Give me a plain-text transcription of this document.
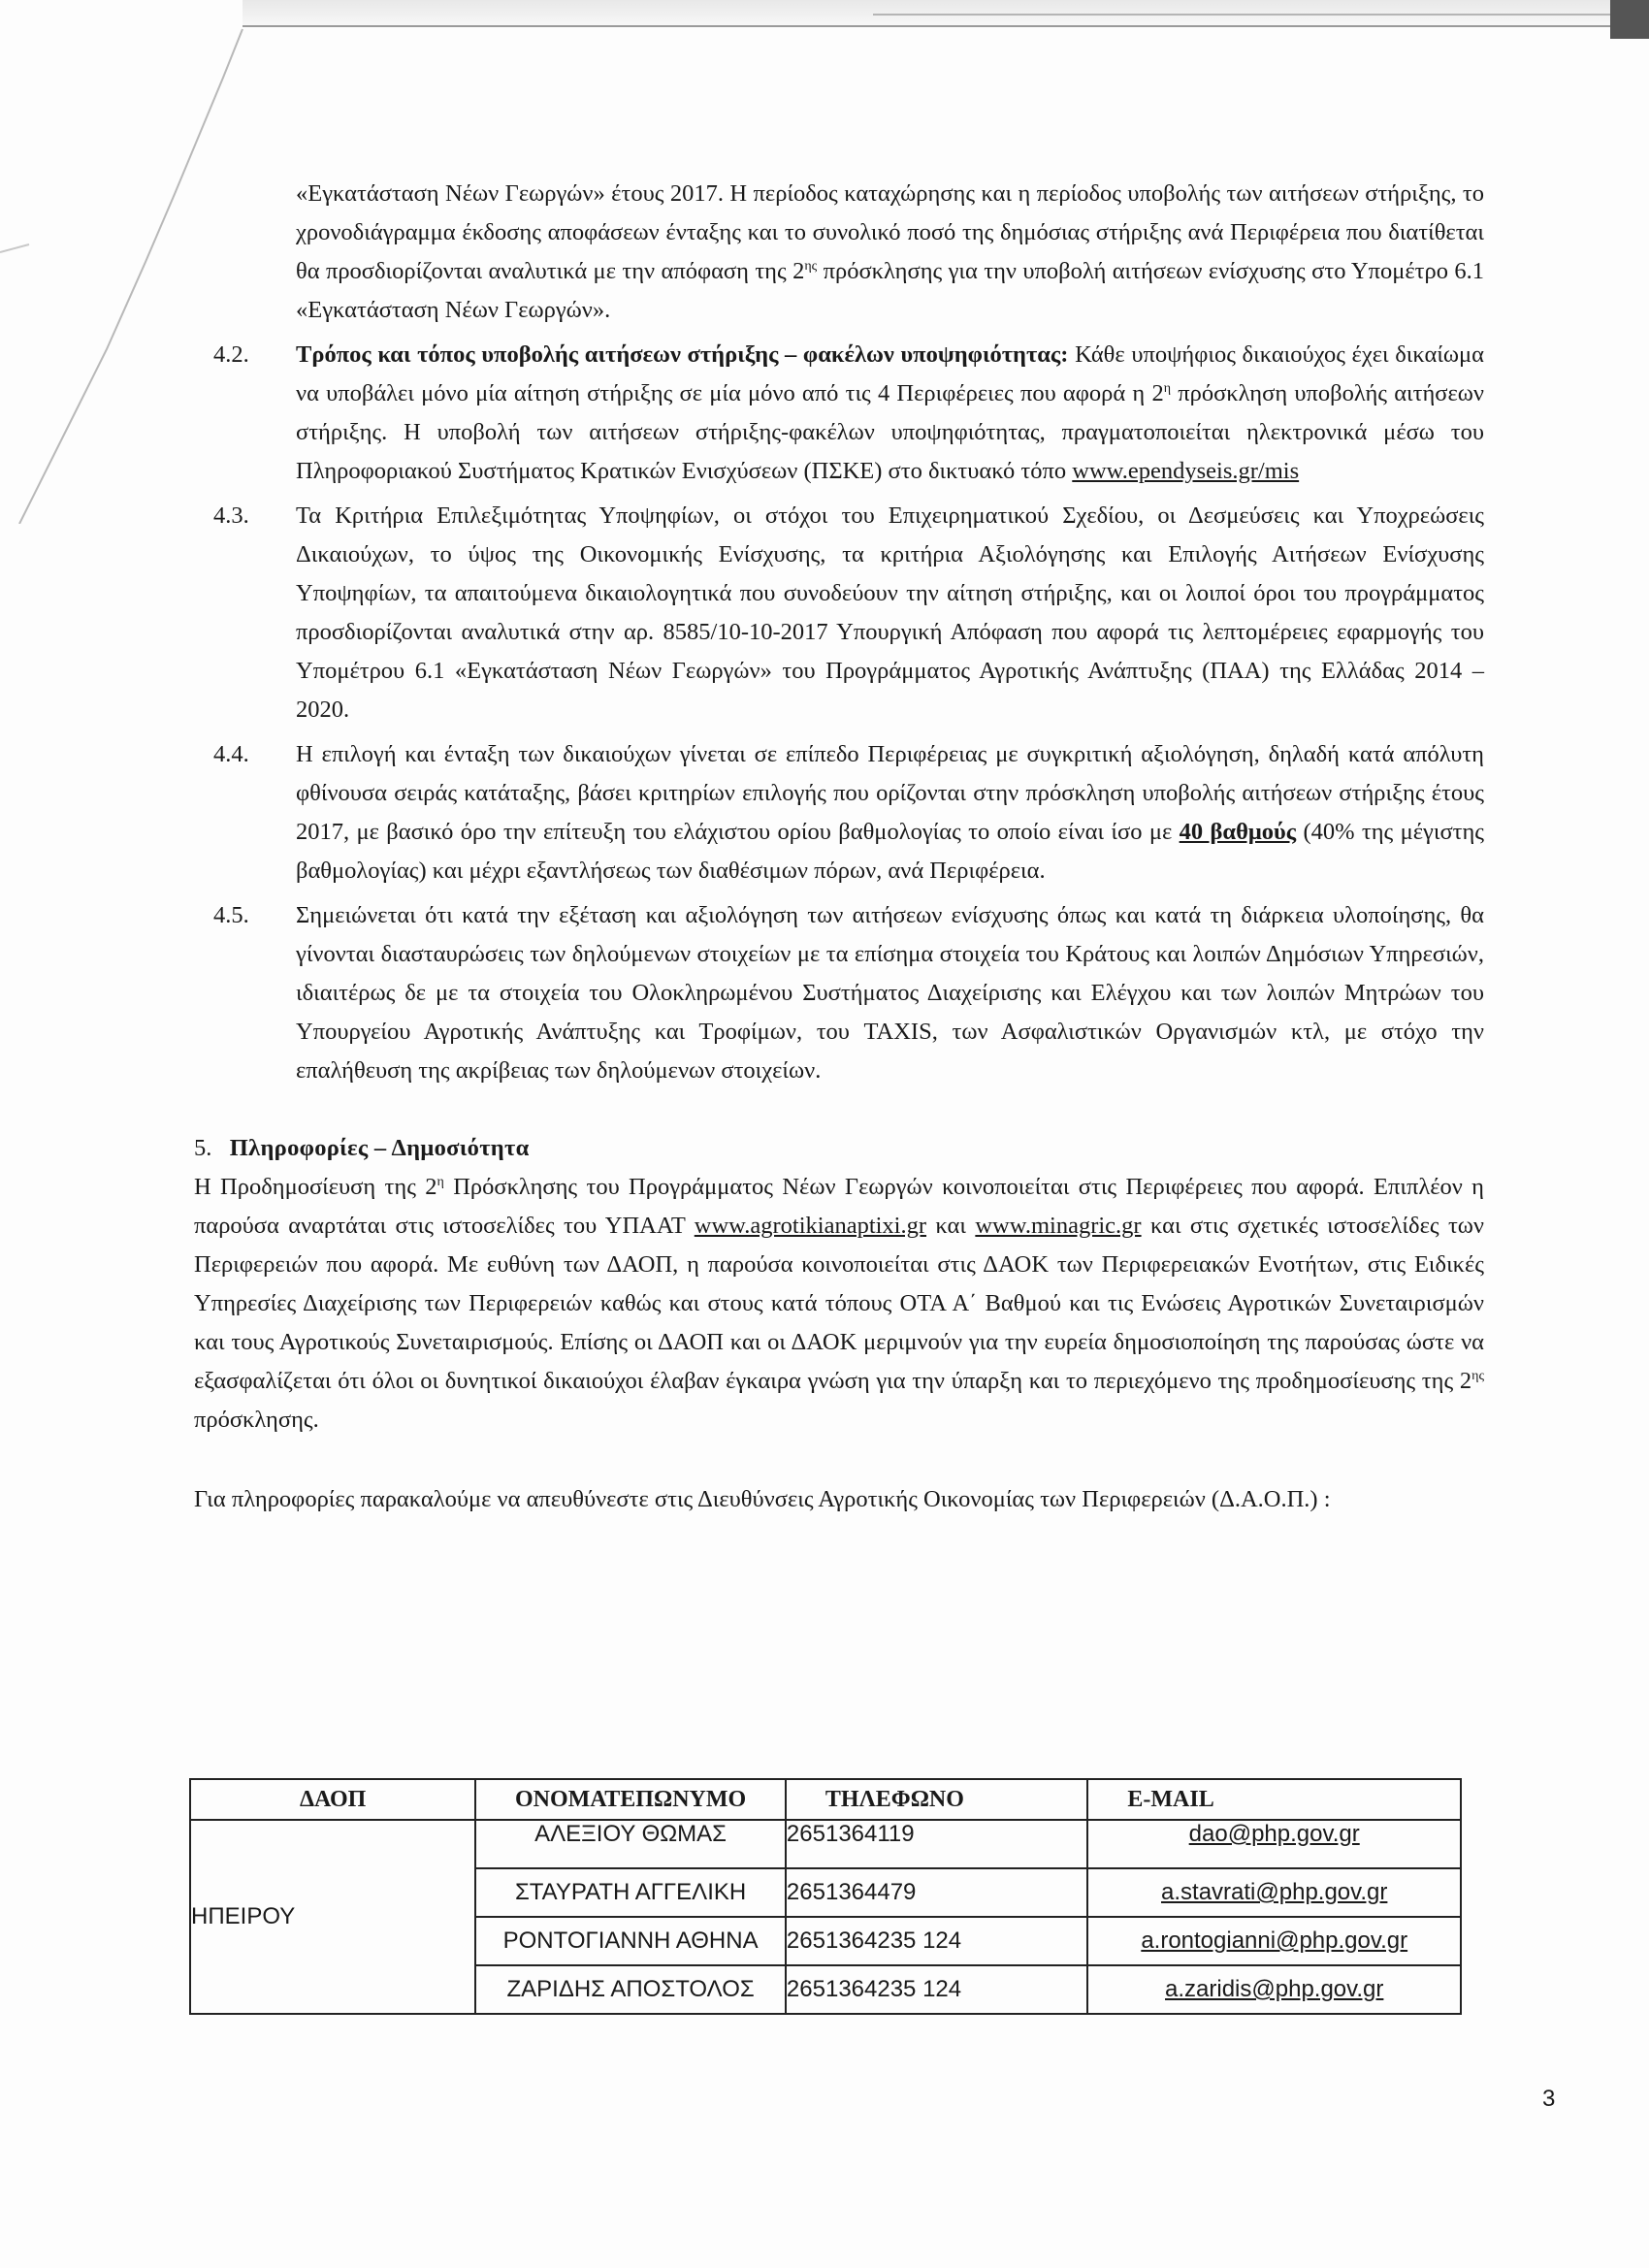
«Εγκατάσταση Νέων Γεωργών» έτους 2017. Η περίοδος καταχώρησης και η περίοδος υποβολής των αιτήσεων στήριξης, το χρονοδιάγραμμα έκδοσης αποφάσεων ένταξης και το συνολικό ποσό της δημόσιας στήριξης ανά Περιφέρεια που διατίθεται θα προσδιορίζονται αναλυτικά με την απόφαση της $2^{\eta\varsigma}$ πρόσκλησης για την υποβολή αιτήσεων ενίσχυσης στο Υπομέτρο 6.1 «Εγκατάσταση Νέων Γεωργών».

4.2.	Τρόπος και τόπος υποβολής αιτήσεων στήριξης – φακέλων υποψηφιότητας: Κάθε υποψήφιος δικαιούχος έχει δικαίωμα να υποβάλει μόνο μία αίτηση στήριξης σε μία μόνο από τις 4 Περιφέρειες που αφορά η $2^\eta$ πρόσκληση υποβολής αιτήσεων στήριξης. Η υποβολή των αιτήσεων στήριξης-φακέλων υποψηφιότητας, πραγματοποιείται ηλεκτρονικά μέσω του Πληροφοριακού Συστήματος Κρατικών Ενισχύσεων (ΠΣΚΕ) στο δικτυακό τόπο www.ependyseis.gr/mis

4.3.	Τα Κριτήρια Επιλεξιμότητας Υποψηφίων, οι στόχοι του Επιχειρηματικού Σχεδίου, οι Δεσμεύσεις και Υποχρεώσεις Δικαιούχων, το ύψος της Οικονομικής Ενίσχυσης, τα κριτήρια Αξιολόγησης και Επιλογής Αιτήσεων Ενίσχυσης Υποψηφίων, τα απαιτούμενα δικαιολογητικά που συνοδεύουν την αίτηση στήριξης, και οι λοιποί όροι του προγράμματος προσδιορίζονται αναλυτικά στην αρ. 8585/10-10-2017 Υπουργική Απόφαση που αφορά τις λεπτομέρειες εφαρμογής του Υπομέτρου 6.1 «Εγκατάσταση Νέων Γεωργών» του Προγράμματος Αγροτικής Ανάπτυξης (ΠΑΑ) της Ελλάδας 2014 – 2020.

4.4.	Η επιλογή και ένταξη των δικαιούχων γίνεται σε επίπεδο Περιφέρειας με συγκριτική αξιολόγηση, δηλαδή κατά απόλυτη φθίνουσα σειράς κατάταξης, βάσει κριτηρίων επιλογής που ορίζονται στην πρόσκληση υποβολής αιτήσεων στήριξης έτους 2017, με βασικό όρο την επίτευξη του ελάχιστου ορίου βαθμολογίας το οποίο είναι ίσο με 40 βαθμούς (40% της μέγιστης βαθμολογίας) και μέχρι εξαντλήσεως των διαθέσιμων πόρων, ανά Περιφέρεια.

4.5.	Σημειώνεται ότι κατά την εξέταση και αξιολόγηση των αιτήσεων ενίσχυσης όπως και κατά τη διάρκεια υλοποίησης, θα γίνονται διασταυρώσεις των δηλούμενων στοιχείων με τα επίσημα στοιχεία του Κράτους και λοιπών Δημόσιων Υπηρεσιών, ιδιαιτέρως δε με τα στοιχεία του Ολοκληρωμένου Συστήματος Διαχείρισης και Ελέγχου και των λοιπών Μητρώων του Υπουργείου Αγροτικής Ανάπτυξης και Τροφίμων, του TAXIS, των Ασφαλιστικών Οργανισμών κτλ, με στόχο την επαλήθευση της ακρίβειας των δηλούμενων στοιχείων.

5. Πληροφορίες – Δημοσιότητα

Η Προδημοσίευση της $2^\eta$ Πρόσκλησης του Προγράμματος Νέων Γεωργών κοινοποιείται στις Περιφέρειες που αφορά. Επιπλέον η παρούσα αναρτάται στις ιστοσελίδες του ΥΠΑΑΤ www.agrotikianaptixi.gr και www.minagric.gr και στις σχετικές ιστοσελίδες των Περιφερειών που αφορά. Με ευθύνη των ΔΑΟΠ, η παρούσα κοινοποιείται στις ΔΑΟΚ των Περιφερειακών Ενοτήτων, στις Ειδικές Υπηρεσίες Διαχείρισης των Περιφερειών καθώς και στους κατά τόπους ΟΤΑ Α΄ Βαθμού και τις Ενώσεις Αγροτικών Συνεταιρισμών και τους Αγροτικούς Συνεταιρισμούς. Επίσης οι ΔΑΟΠ και οι ΔΑΟΚ μεριμνούν για την ευρεία δημοσιοποίηση της παρούσας ώστε να εξασφαλίζεται ότι όλοι οι δυνητικοί δικαιούχοι έλαβαν έγκαιρα γνώση για την ύπαρξη και το περιεχόμενο της προδημοσίευσης της $2^{\eta\varsigma}$ πρόσκλησης.

Για πληροφορίες παρακαλούμε να απευθύνεστε στις Διευθύνσεις Αγροτικής Οικονομίας των Περιφερειών (Δ.Α.Ο.Π.) :

ΔΑΟΠ	ΟΝΟΜΑΤΕΠΩΝΥΜΟ	ΤΗΛΕΦΩΝΟ	E-MAIL
ΗΠΕΙΡΟΥ	ΑΛΕΞΙΟΥ ΘΩΜΑΣ	2651364119	dao@php.gov.gr
	ΣΤΑΥΡΑΤΗ ΑΓΓΕΛΙΚΗ	2651364479	a.stavrati@php.gov.gr
	ΡΟΝΤΟΓΙΑΝΝΗ ΑΘΗΝΑ	2651364235 124	a.rontogianni@php.gov.gr
	ΖΑΡΙΔΗΣ ΑΠΟΣΤΟΛΟΣ	2651364235 124	a.zaridis@php.gov.gr
3
